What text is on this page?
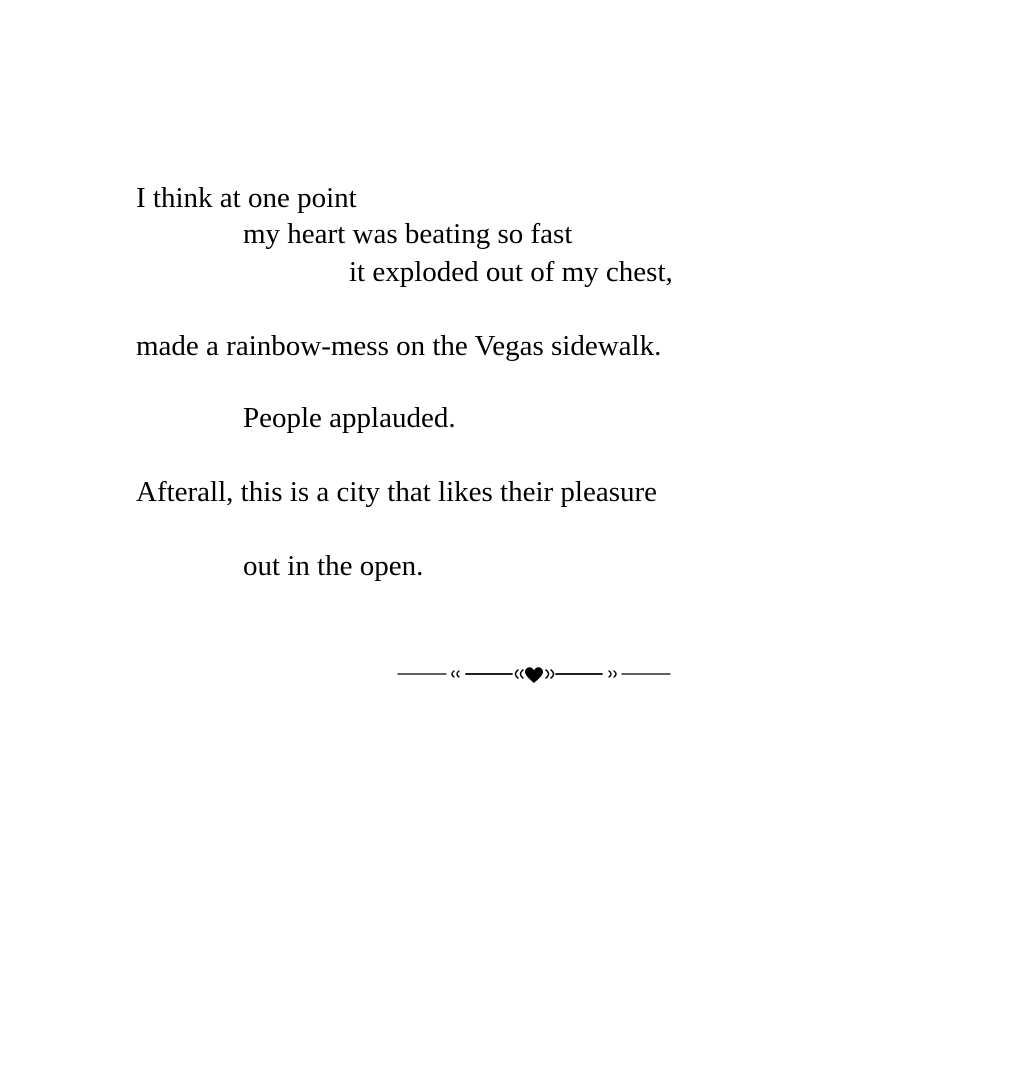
I think at one point

my heart was beating so fast

it exploded out of my chest,

made a rainbow-mess on the Vegas sidewalk.

People applauded.

Afterall, this is a city that likes their pleasure

out in the open.
